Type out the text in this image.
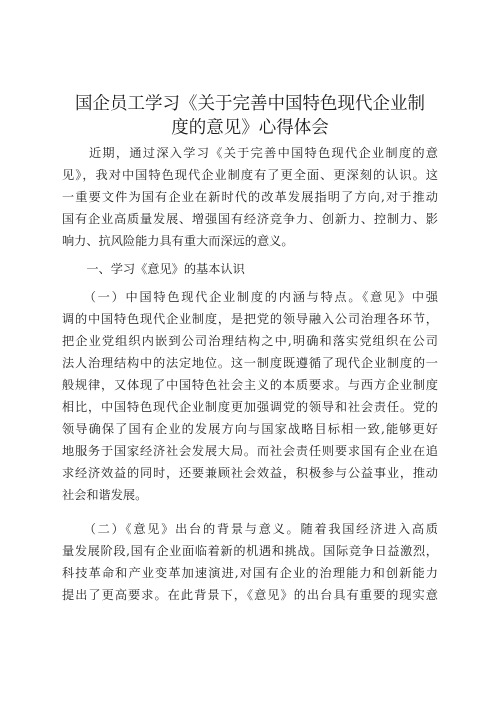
国企员工学习《关于完善中国特色现代企业制
度的意见》心得体会
　　近期，通过深入学习《关于完善中国特色现代企业制度的意
见》，我对中国特色现代企业制度有了更全面、更深刻的认识。这
一重要文件为国有企业在新时代的改革发展指明了方向,对于推动
国有企业高质量发展、增强国有经济竞争力、创新力、控制力、影
响力、抗风险能力具有重大而深远的意义。
　　一、学习《意见》的基本认识
　　（一）中国特色现代企业制度的内涵与特点。《意见》中强
调的中国特色现代企业制度，是把党的领导融入公司治理各环节，
把企业党组织内嵌到公司治理结构之中,明确和落实党组织在公司
法人治理结构中的法定地位。这一制度既遵循了现代企业制度的一
般规律，又体现了中国特色社会主义的本质要求。与西方企业制度
相比，中国特色现代企业制度更加强调党的领导和社会责任。党的
领导确保了国有企业的发展方向与国家战略目标相一致,能够更好
地服务于国家经济社会发展大局。而社会责任则要求国有企业在追
求经济效益的同时，还要兼顾社会效益，积极参与公益事业，推动
社会和谐发展。
　　（二）《意见》出台的背景与意义。随着我国经济进入高质
量发展阶段,国有企业面临着新的机遇和挑战。国际竞争日益激烈，
科技革命和产业变革加速演进,对国有企业的治理能力和创新能力
提出了更高要求。在此背景下，《意见》的出台具有重要的现实意
